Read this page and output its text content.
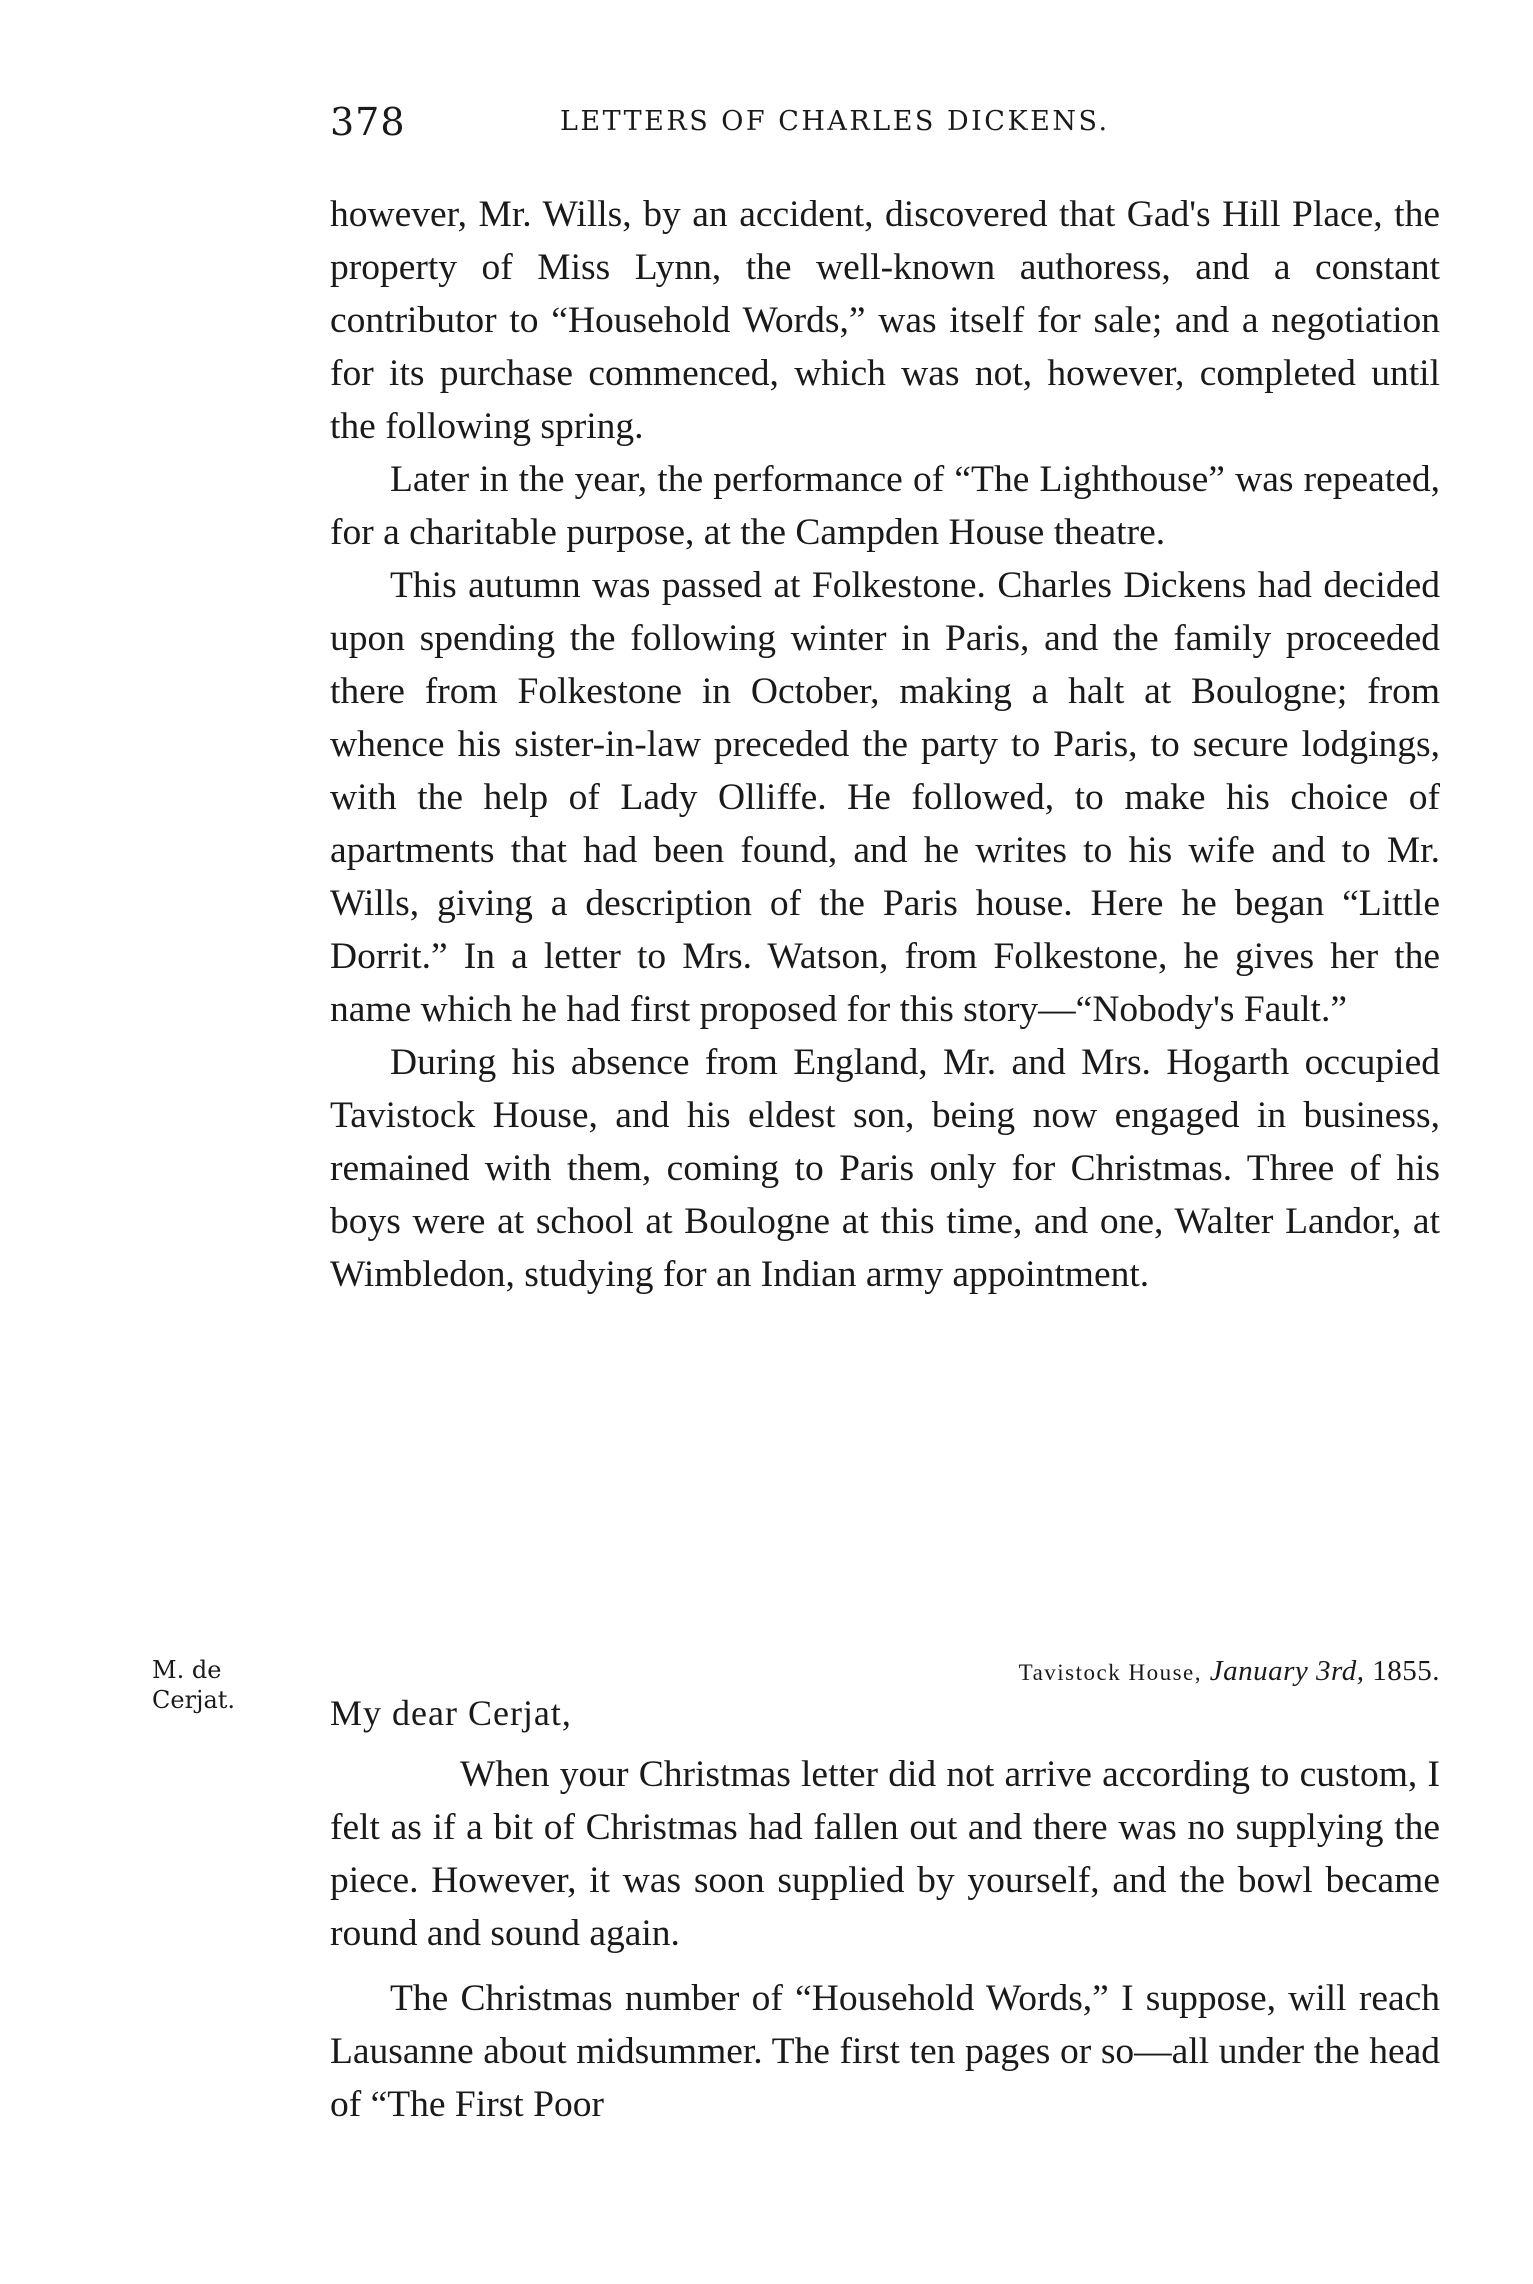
378	LETTERS OF CHARLES DICKENS.

however, Mr. Wills, by an accident, discovered that Gad's Hill Place, the property of Miss Lynn, the well-known authoress, and a constant contributor to “Household Words,” was itself for sale; and a negotiation for its purchase commenced, which was not, however, completed until the following spring.

Later in the year, the performance of “The Lighthouse” was repeated, for a charitable purpose, at the Campden House theatre.

This autumn was passed at Folkestone. Charles Dickens had decided upon spending the following winter in Paris, and the family proceeded there from Folkestone in October, making a halt at Boulogne; from whence his sister-in-law preceded the party to Paris, to secure lodgings, with the help of Lady Olliffe. He followed, to make his choice of apartments that had been found, and he writes to his wife and to Mr. Wills, giving a description of the Paris house. Here he began “Little Dorrit.” In a letter to Mrs. Watson, from Folkestone, he gives her the name which he had first proposed for this story—“Nobody's Fault.”

During his absence from England, Mr. and Mrs. Hogarth occupied Tavistock House, and his eldest son, being now engaged in business, remained with them, coming to Paris only for Christmas. Three of his boys were at school at Boulogne at this time, and one, Walter Landor, at Wimbledon, studying for an Indian army appointment.

M. de
Cerjat.
Tavistock House, January 3rd, 1855.
My dear Cerjat,

When your Christmas letter did not arrive according to custom, I felt as if a bit of Christmas had fallen out and there was no supplying the piece. However, it was soon supplied by yourself, and the bowl became round and sound again.

The Christmas number of “Household Words,” I suppose, will reach Lausanne about midsummer. The first ten pages or so—all under the head of “The First Poor
